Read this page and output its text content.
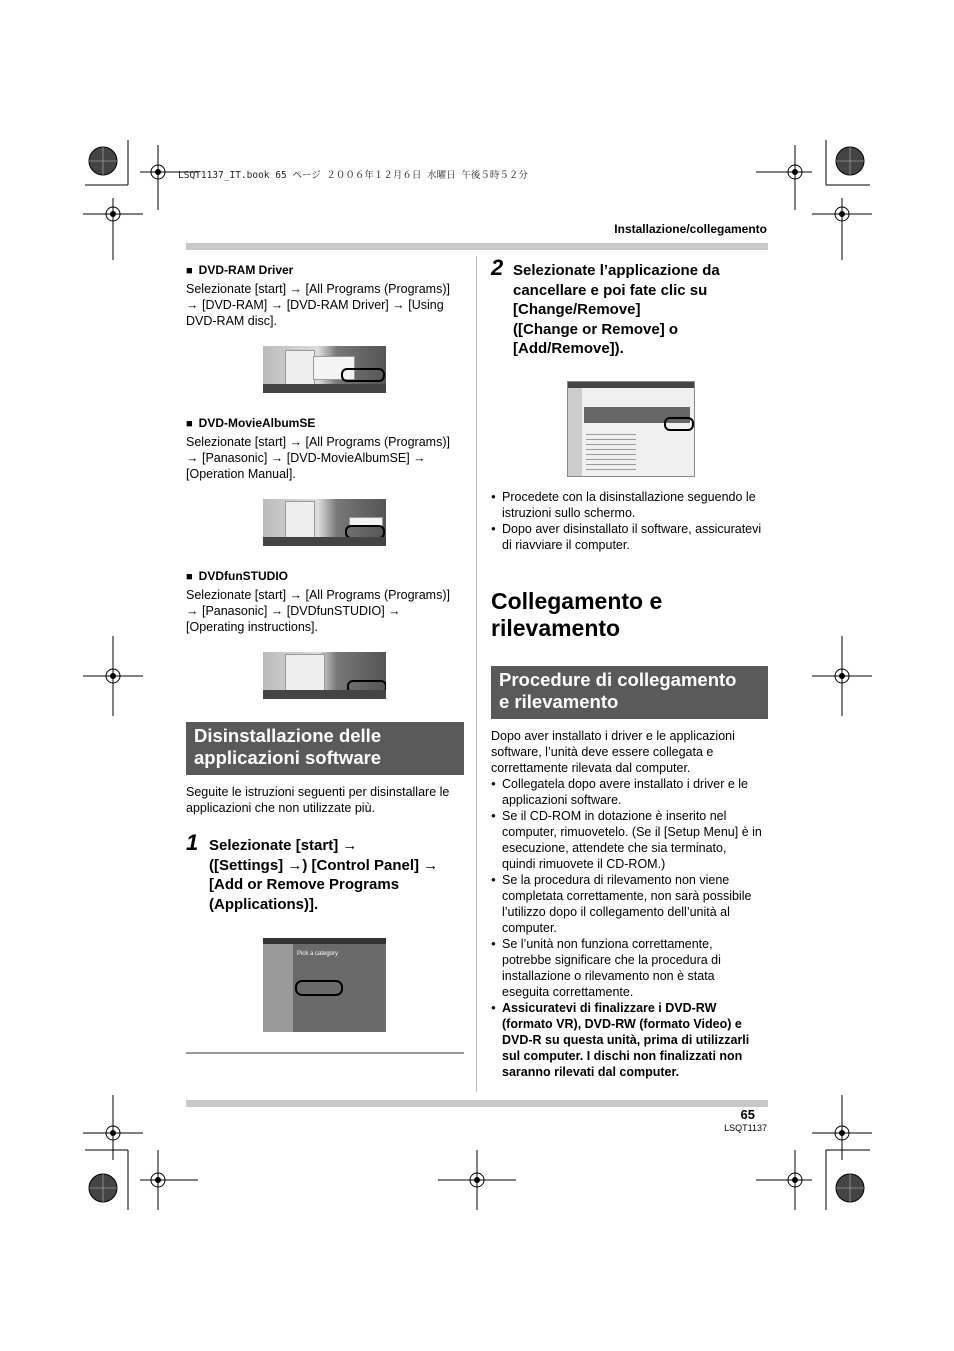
LSQT1137_IT.book 65 ページ ２００６年１２月６日 水曜日 午後５時５２分
Installazione/collegamento
■ DVD-RAM Driver
Selezionate [start] → [All Programs (Programs)]
→ [DVD-RAM] → [DVD-RAM Driver] → [Using
DVD-RAM disc].
■ DVD-MovieAlbumSE
Selezionate [start] → [All Programs (Programs)]
→ [Panasonic] → [DVD-MovieAlbumSE] →
[Operation Manual].
■ DVDfunSTUDIO
Selezionate [start] → [All Programs (Programs)]
→ [Panasonic] → [DVDfunSTUDIO] →
[Operating instructions].
Disinstallazione delle
applicazioni software
Seguite le istruzioni seguenti per disinstallare le
applicazioni che non utilizzate più.
1 Selezionate [start] →
([Settings] →) [Control Panel] →
[Add or Remove Programs
(Applications)].
Pick a category
2 Selezionate l’applicazione da
cancellare e poi fate clic su
[Change/Remove]
([Change or Remove] o
[Add/Remove]).
● Procedete con la disinstallazione seguendo le
istruzioni sullo schermo.
● Dopo aver disinstallato il software, assicuratevi
di riavviare il computer.
Collegamento e
rilevamento
Procedure di collegamento
e rilevamento
Dopo aver installato i driver e le applicazioni
software, l’unità deve essere collegata e
correttamente rilevata dal computer.
● Collegatela dopo avere installato i driver e le
applicazioni software.
● Se il CD-ROM in dotazione è inserito nel
computer, rimuovetelo. (Se il [Setup Menu] è in
esecuzione, attendete che sia terminato,
quindi rimuovete il CD-ROM.)
● Se la procedura di rilevamento non viene
completata correttamente, non sarà possibile
l’utilizzo dopo il collegamento dell’unità al
computer.
● Se l’unità non funziona correttamente,
potrebbe significare che la procedura di
installazione o rilevamento non è stata
eseguita correttamente.
● Assicuratevi di finalizzare i DVD-RW
(formato VR), DVD-RW (formato Video) e
DVD-R su questa unità, prima di utilizzarli
sul computer. I dischi non finalizzati non
saranno rilevati dal computer.
65
LSQT1137
